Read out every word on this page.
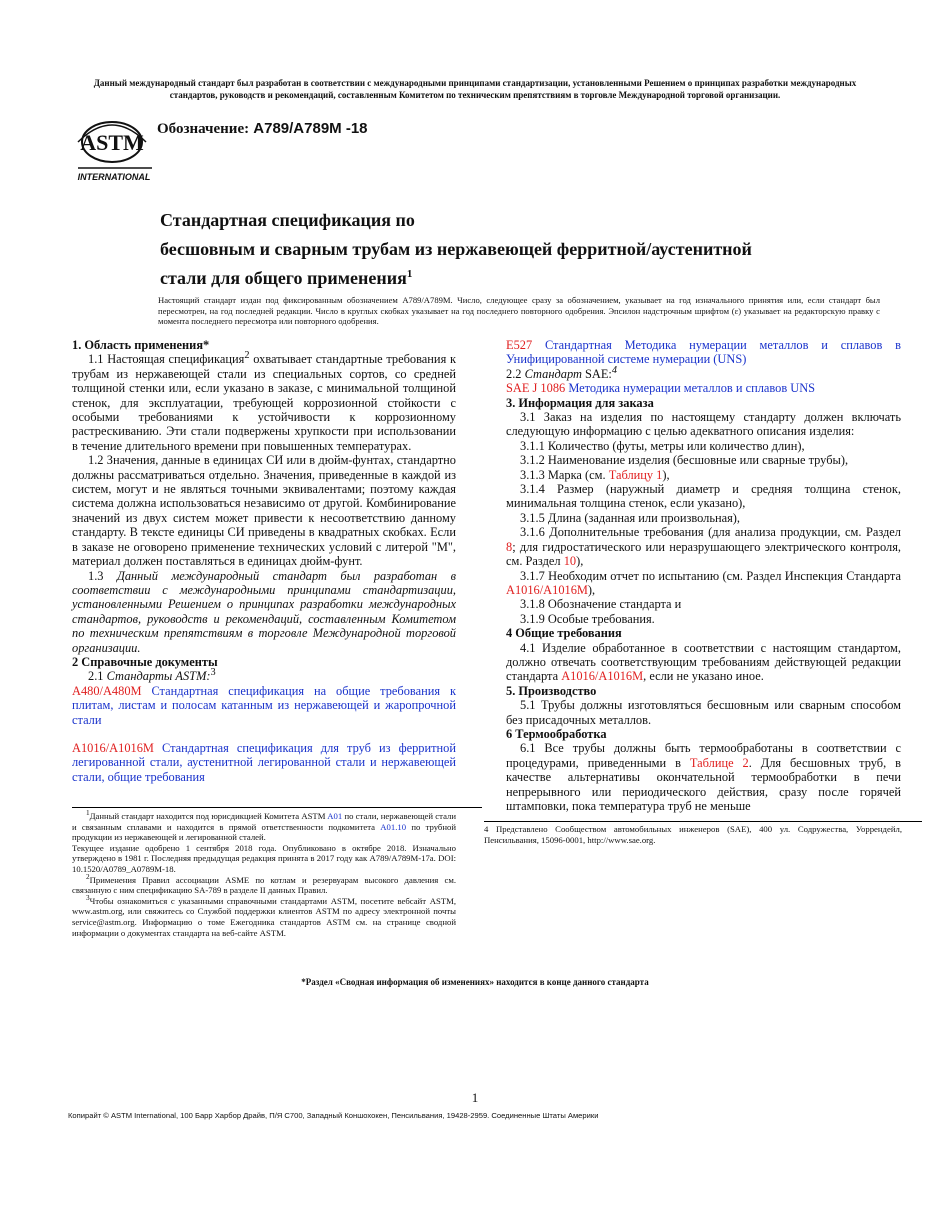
Данный международный стандарт был разработан в соответствии с международными принципами стандартизации, установленными Решением о принципах разработки международных стандартов, руководств и рекомендаций, составленным Комитетом по техническим препятствиям в торговле Международной торговой организации.
ASTM
INTERNATIONAL
Обозначение: A789/A789M -18
Стандартная спецификация по
бесшовным и сварным трубам из нержавеющей ферритной/аустенитной
стали для общего применения$^1$
Настоящий стандарт издан под фиксированным обозначением A789/A789M. Число, следующее сразу за обозначением, указывает на год изначального принятия или, если стандарт был пересмотрен, на год последней редакции. Число в круглых скобках указывает на год последнего повторного одобрения. Эпсилон надстрочным шрифтом (ε) указывает на редакторскую правку с момента последнего пересмотра или повторного одобрения.

1. Область применения*

1.1 Настоящая спецификация$^2$ охватывает стандартные требования к трубам из нержавеющей стали из специальных сортов, со средней толщиной стенки или, если указано в заказе, с минимальной толщиной стенок, для эксплуатации, требующей коррозионной стойкости с особыми требованиями к устойчивости к коррозионному растрескиванию. Эти стали подвержены хрупкости при использовании в течение длительного времени при повышенных температурах.

1.2 Значения, данные в единицах СИ или в дюйм-фунтах, стандартно должны рассматриваться отдельно. Значения, приведенные в каждой из систем, могут и не являться точными эквивалентами; поэтому каждая система должна использоваться независимо от другой. Комбинирование значений из двух систем может привести к несоответствию данному стандарту. В тексте единицы СИ приведены в квадратных скобках. Если в заказе не оговорено применение технических условий с литерой "M", материал должен поставляться в единицах дюйм-фунт.

1.3 Данный международный стандарт был разработан в соответствии с международными принципами стандартизации, установленными Решением о принципах разработки международных стандартов, руководств и рекомендаций, составленным Комитетом по техническим препятствиям в торговле Международной торговой организации.

2 Справочные документы

2.1 Стандарты ASTM:$^3$

A480/A480M Стандартная спецификация на общие требования к плитам, листам и полосам катанным из нержавеющей и жаропрочной стали

A1016/A1016M Стандартная спецификация для труб из ферритной легированной стали, аустенитной легированной стали и нержавеющей стали, общие требования

E527 Стандартная Методика нумерации металлов и сплавов в Унифицированной системе нумерации (UNS)

2.2 Стандарт SAE:$^4$

SAE J 1086 Методика нумерации металлов и сплавов UNS

3. Информация для заказа

3.1 Заказ на изделия по настоящему стандарту должен включать следующую информацию с целью адекватного описания изделия:

3.1.1 Количество (футы, метры или количество длин),

3.1.2 Наименование изделия (бесшовные или сварные трубы),

3.1.3 Марка (см. Таблицу 1),

3.1.4 Размер (наружный диаметр и средняя толщина стенок, минимальная толщина стенок, если указано),

3.1.5 Длина (заданная или произвольная),

3.1.6 Дополнительные требования (для анализа продукции, см. Раздел 8; для гидростатического или неразрушающего электрического контроля, см. Раздел 10),

3.1.7 Необходим отчет по испытанию (см. Раздел Инспекция Стандарта A1016/A1016M),

3.1.8 Обозначение стандарта и

3.1.9 Особые требования.

4 Общие требования

4.1 Изделие обработанное в соответствии с настоящим стандартом, должно отвечать соответствующим требованиям действующей редакции стандарта A1016/A1016M, если не указано иное.

5. Производство

5.1 Трубы должны изготовляться бесшовным или сварным способом без присадочных металлов.

6 Термообработка

6.1 Все трубы должны быть термообработаны в соответствии с процедурами, приведенными в Таблице 2. Для бесшовных труб, в качестве альтернативы окончательной термообработки в печи непрерывного или периодического действия, сразу после горячей штамповки, пока температура труб не меньше

$^1$Данный стандарт находится под юрисдикцией Комитета ASTM A01 по стали, нержавеющей стали и связанным сплавами и находится в прямой ответственности подкомитета A01.10 по трубной продукции из нержавеющей и легированной сталей.

Текущее издание одобрено 1 сентября 2018 года. Опубликовано в октябре 2018. Изначально утверждено в 1981 г. Последняя предыдущая редакция принята в 2017 году как A789/A789M-17a. DOI: 10.1520/A0789_A0789M-18.

$^2$Применения Правил ассоциации ASME по котлам и резервуарам высокого давления см. связанную с ним спецификацию SA-789 в разделе II данных Правил.

$^3$Чтобы ознакомиться с указанными справочными стандартами ASTM, посетите вебсайт ASTM, www.astm.org, или свяжитесь со Службой поддержки клиентов ASTM по адресу электронной почты service@astm.org. Информацию о томе Ежегодника стандартов ASTM см. на странице сводной информации о документах стандарта на веб-сайте ASTM.

4 Представлено Сообществом автомобильных инженеров (SAE), 400 ул. Содружества, Уоррендейл, Пенсильвания, 15096-0001, http://www.sae.org.

*Раздел «Сводная информация об изменениях» находится в конце данного стандарта
1
Копирайт © ASTM International, 100 Барр Харбор Драйв, П/Я C700, Западный Коншохокен, Пенсильвания, 19428-2959. Соединенные Штаты Америки
